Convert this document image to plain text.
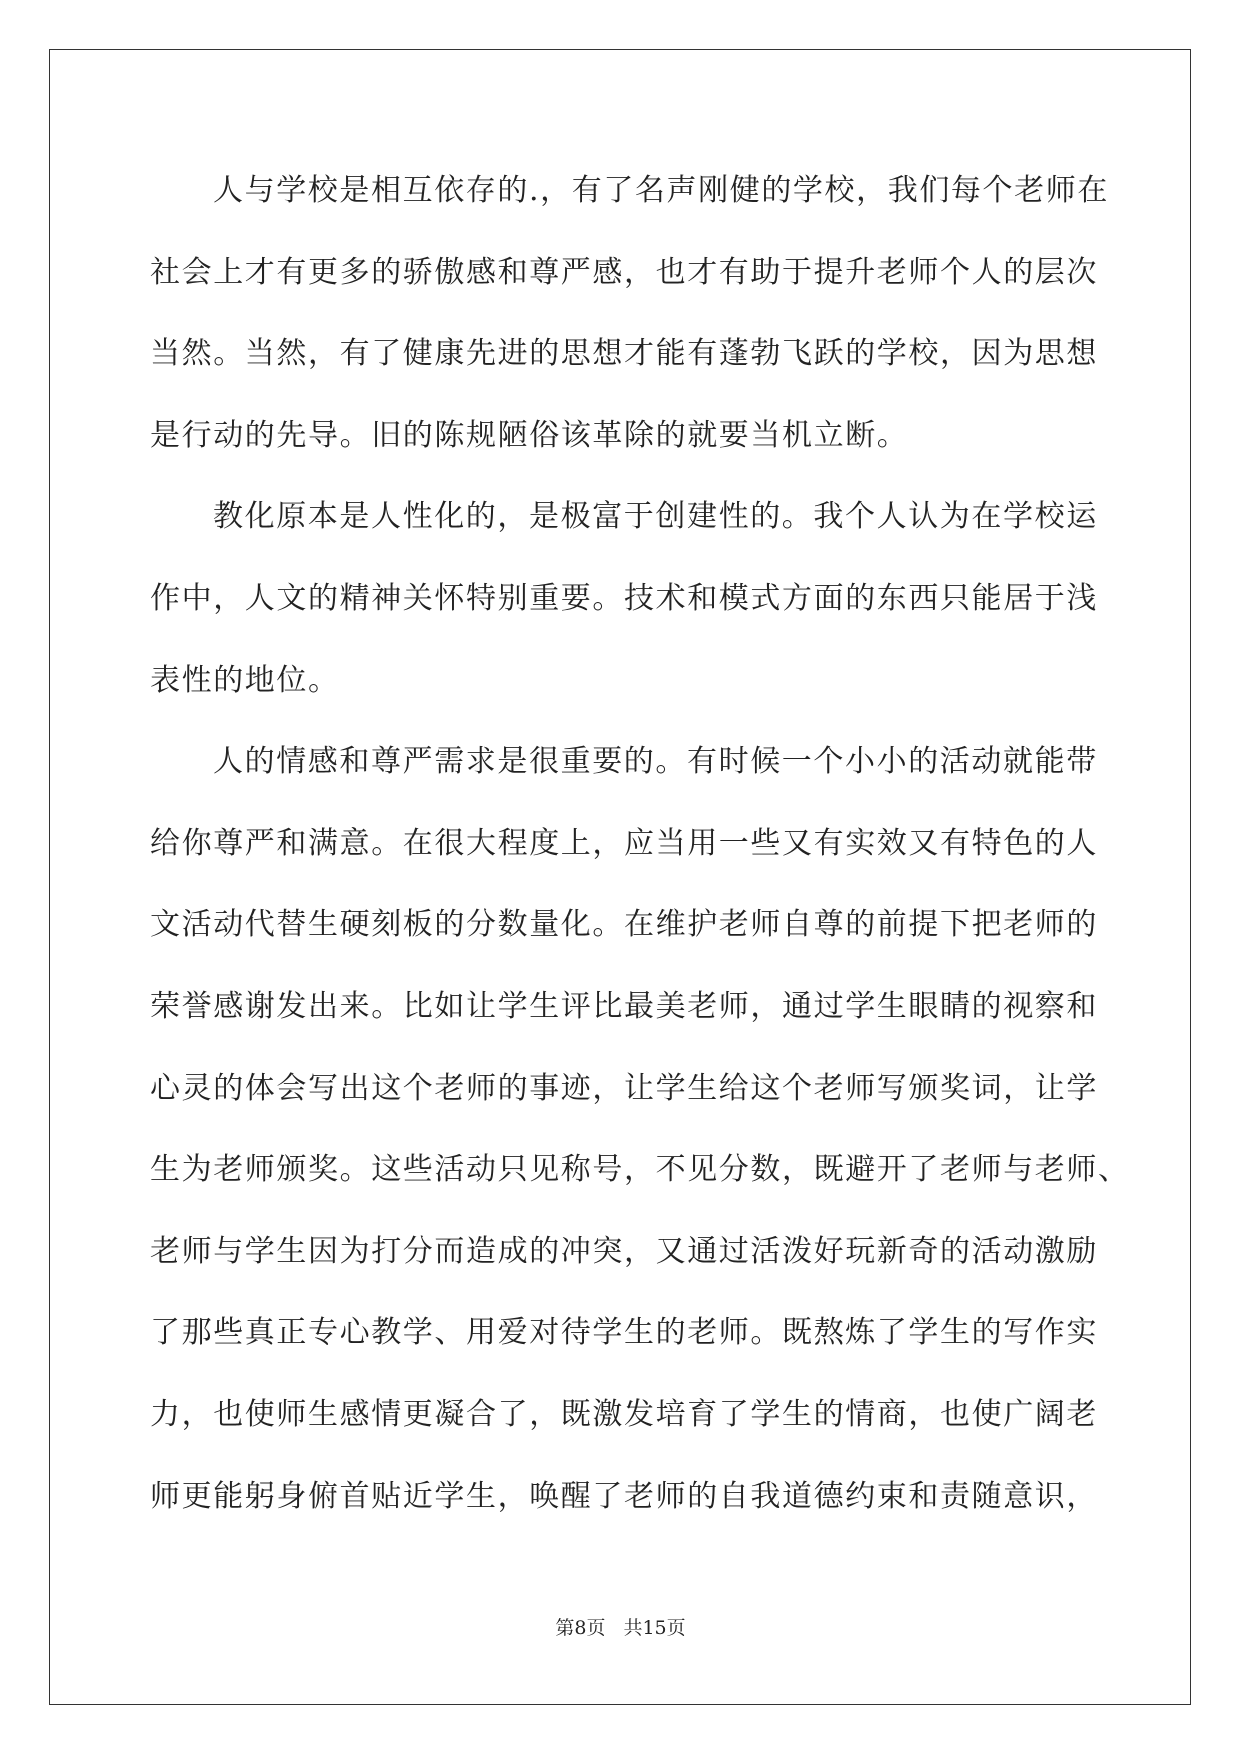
人与学校是相互依存的.，有了名声刚健的学校，我们每个老师在
社会上才有更多的骄傲感和尊严感，也才有助于提升老师个人的层次
当然。当然，有了健康先进的思想才能有蓬勃飞跃的学校，因为思想
是行动的先导。旧的陈规陋俗该革除的就要当机立断。
教化原本是人性化的，是极富于创建性的。我个人认为在学校运
作中，人文的精神关怀特别重要。技术和模式方面的东西只能居于浅
表性的地位。
人的情感和尊严需求是很重要的。有时候一个小小的活动就能带
给你尊严和满意。在很大程度上，应当用一些又有实效又有特色的人
文活动代替生硬刻板的分数量化。在维护老师自尊的前提下把老师的
荣誉感谢发出来。比如让学生评比最美老师，通过学生眼睛的视察和
心灵的体会写出这个老师的事迹，让学生给这个老师写颁奖词，让学
生为老师颁奖。这些活动只见称号，不见分数，既避开了老师与老师、
老师与学生因为打分而造成的冲突，又通过活泼好玩新奇的活动激励
了那些真正专心教学、用爱对待学生的老师。既熬炼了学生的写作实
力，也使师生感情更凝合了，既激发培育了学生的情商，也使广阔老
师更能躬身俯首贴近学生，唤醒了老师的自我道德约束和责随意识，
第8页 共15页
